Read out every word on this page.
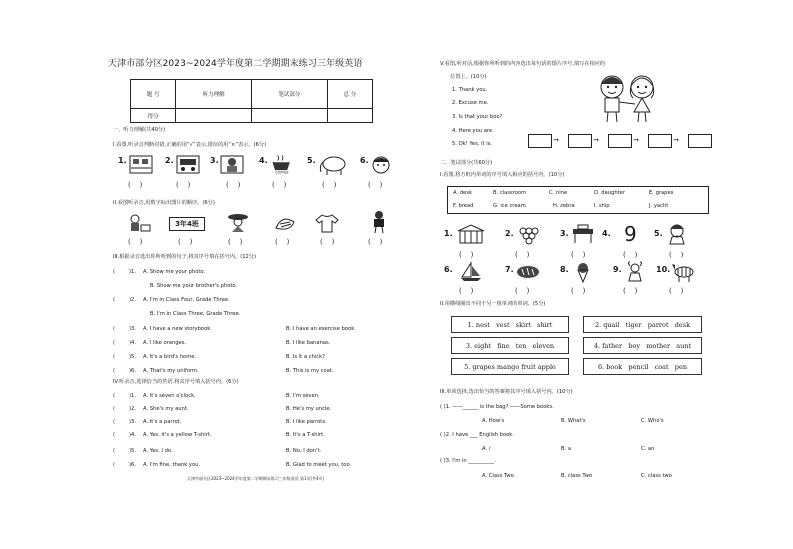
天津市部分区2023~2024学年度第二学期期末练习三年级英语
题 号	听力理解	笔试部分	总 分
得分			
一、听力理解(共40分)
I.看图,听录音判断对错,正确的用“√”表示,错误的用“×”表示。(6分)
1.	2.	3.	4.
COFFEE
5.	6.
(    )	(    )	(    )	(    )	(    )	(    )
II.看图听录音,用数字标出图片的顺序。(6分)
3年4班
(    )	(    )	(    )	(    )	(    )	(    )
III.根据录音选出你所听到的句子,将其序号填在括号内。(12分)
(	)1. A. Show me your photo.
B. Show me your brother's photo.
(	)2. A. I'm in Class Four, Grade Three.
B. I'm in Class Three, Grade Three.
(	)3. A. I have a new storybook.	B. I have an exercise book.
(	)4. A. I like oranges.	B. I like bananas.
(	)5. A. It's a bird's home.	B. Is it a chick?
(	)6. A. That's my uniform.	B. This is my coat.
IV.听录音,选择恰当的答语,将其序号填入括号内。(6分)
(	)1. A. It's seven o'clock.	B. I'm seven.
(	)2. A. She's my aunt.	B. He's my uncle.
(	)3. A. It's a parrot.	B. I like parrots.
(	)4. A. Yes, it's a yellow T-shirt.	B. It's a T-shirt.
(	)5. A. Yes, I do.	B. No, I don't.
(	)6. A. I'm fine, thank you.	B. Glad to meet you, too.
天津市部分区2023~2024学年度第二学期期末练习三年级英语 第1页(共4页)
V.看图,听对话,根据你所听到的内容选出每句话的图片序号,填写在相应的
位置上。(10分)
1. Thank you.
2. Excuse me.
3. Is that your box?
4. Here you are.
5. Ok! Yes, it is.	→	→	→	→
二、笔试部分(共60分)
I.看图,将方框内单词的序号填入相应的括号内。(10分)
A. desk	B. classroom	C. nine	D. daughter	E. grapes
F. bread	G. ice cream	H. zebra	I. ship	J. yacht
1.	2.	3.	4. 9 5.
(    )	(    )	(    )	(    )	(    )
6.	7.	8.	9.	10.
(    )	(    )	(    )	(    )	(    )
II.用横线圈出不同于另一组单词的单词。(5分)
1. nest   vest   skirt   shirt	2. quail   tiger   parrot   desk
3. eight   fine   ten   eleven	4. father   boy   mother   aunt
5. grapes mango fruit apple	6. book   pencil   coat   pen
III.单项选择,选出恰当的答案将其序号填入括号内。(10分)
( )1. ——______ is the bag? ——Some books.
A. How's	B. What's	C. Who's
( )2. I have ___ English book.
A. /	B. a	C. an
( )3. I'm in __________.
A. Class Two	B. class Two	C. class two
